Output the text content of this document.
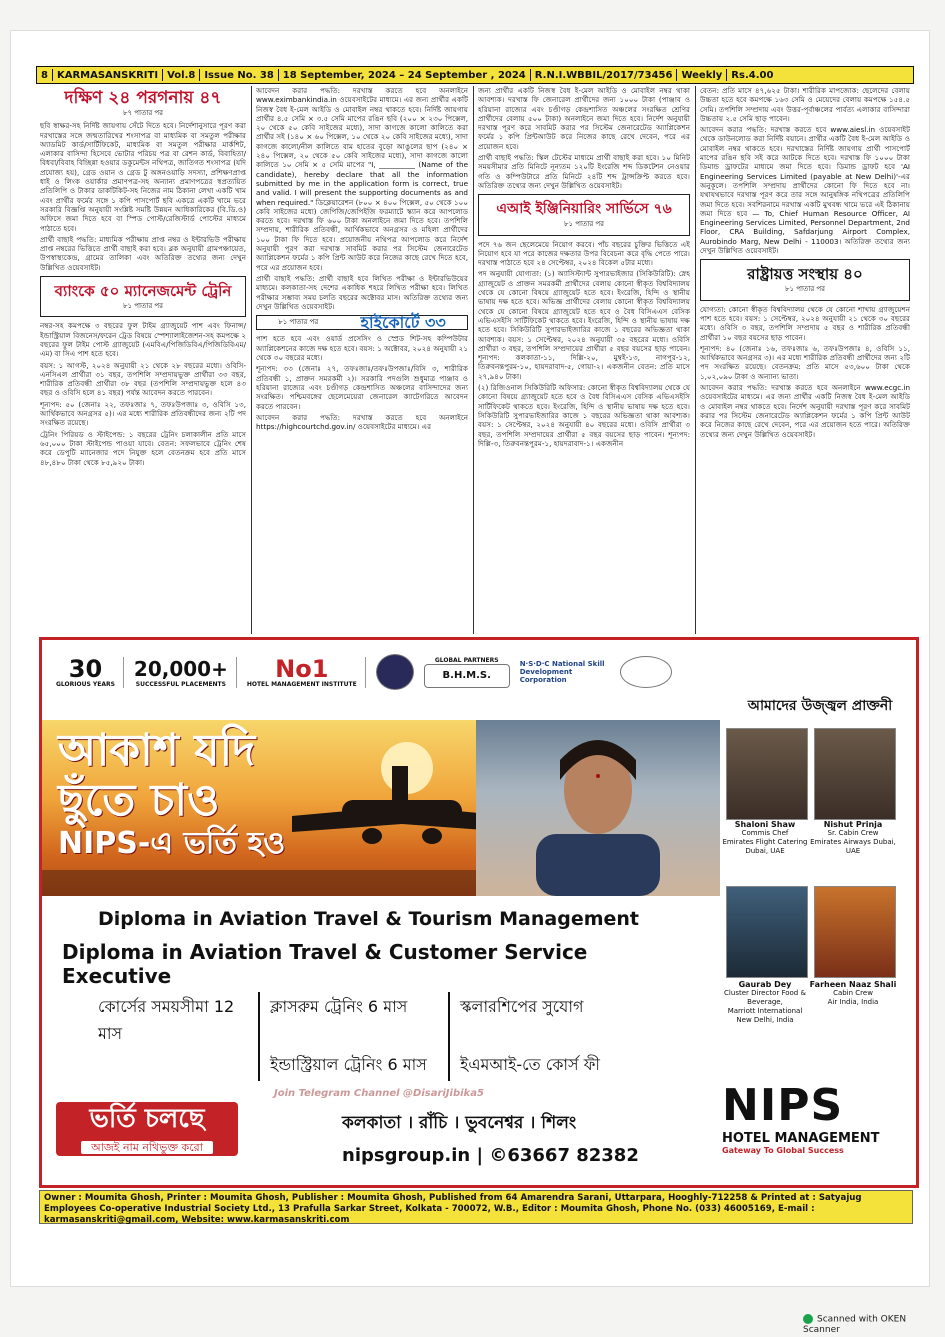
8 KARMASANSKRITI Vol.8 Issue No. 38 18 September, 2024 – 24 September , 2024 R.N.I.WBBIL/2017/73456 Weekly Rs.4.00
দক্ষিণ ২৪ পরগনায় ৪৭
৮৭ পাতার পর

ছবি স্বাক্ষর-সহ নির্দিষ্ট জায়গায় সেঁটে দিতে হবে। নির্দেশানুসারে পূরণ করা দরখাস্তের সঙ্গে জন্মতারিখের শংসাপত্র বা মাধ্যমিক বা সমতুল পরীক্ষার অ্যাডমিট কার্ড/সার্টিফিকেট, মাধ্যমিক বা সমতুল পরীক্ষার মার্কশিট, এলাকার বাসিন্দা হিসেবে ভোটার পরিচয় পত্র বা রেশন কার্ড, বিবাহিতা/বিধবা/বিবাহ বিচ্ছিন্না হওয়ার ডকুমেন্টস নথিপত্র, জাতিগত শংসাপত্র (যদি প্রযোজ্য হয়), গ্রেড ওয়ান ও গ্রেড টু অঙ্গনওয়াড়ি সদস্যা, প্রশিক্ষণপ্রাপ্ত ধাই ও লিংক ওয়ার্কার প্রমাণপত্র-সহ অন্যান্য প্রমাণপত্রের স্বপ্রত্যয়িত প্রতিলিপি ও টাকার ডাকটিকিট-সহ নিজের নাম ঠিকানা লেখা একটি খাম এবং প্রার্থীর ফর্মের সঙ্গে ১ কপি পাসপোর্ট ছবি একত্রে একটি খামে ভরে সরকারি বিজ্ঞপ্তি অনুযায়ী সংশ্লিষ্ট সমষ্টি উন্নয়ন আধিকারিকের (বি.ডি.ও) অফিসে জমা দিতে হবে বা স্পিড পোস্ট/রেজিস্টার্ড পোস্টের মাধ্যমে পাঠাতে হবে।

প্রার্থী বাছাই পদ্ধতি: মাধ্যমিক পরীক্ষায় প্রাপ্ত নম্বর ও ইন্টারভিউ পরীক্ষায় প্রাপ্ত নম্বরের ভিত্তিতে প্রার্থী বাছাই করা হবে। ব্লক অনুযায়ী গ্রামপঞ্চায়েত, উপস্বাস্থ্যকেন্দ্র, গ্রামের তালিকা এবং অতিরিক্ত তথ্যের জন্য দেখুন উল্লিখিত ওয়েবসাইট।

ব্যাংকে ৫০ ম্যানেজমেন্ট ট্রেনি
৮১ পাতার পর

নম্বর-সহ কমপক্ষে ৩ বছরের ফুল টাইম গ্র্যাজুয়েট পাশ এবং ফিনান্স/ইন্ডাস্ট্রিয়াল বিজনেস/ফরেন ট্রেড বিষয়ে স্পেশ্যালাইজেশন-সহ কমপক্ষে ২ বছরের ফুল টাইম পোস্ট গ্র্যাজুয়েট (এমবিএ/পিজিডিবিএ/পিজিডিবিএম/এম) বা সিএ পাশ হতে হবে।

বয়স: ১ আগস্ট, ২০২৪ অনুযায়ী ২১ থেকে ২৮ বছরের মধ্যে। ওবিসি-এনসিএল প্রার্থীরা ৩১ বছর, তপশিলি সম্প্রদায়ভুক্ত প্রার্থীরা ৩৩ বছর, শারীরিক প্রতিবন্ধী প্রার্থীরা ৩৮ বছর (তপশিলি সম্প্রদায়ভুক্ত হলে ৪৩ বছর ও ওবিসি হলে ৪১ বছর) পর্যন্ত আবেদন করতে পারবেন।

শূন্যপদ: ৫০ (জেনাঃ ২২, তফঃজাঃ ৭, তফঃউপজাঃ ৩, ওবিসি ১৩, আর্থিকভাবে অনগ্রসর ৫)। এর মধ্যে শারীরিক প্রতিবন্ধীদের জন্য ২টি পদ সংরক্ষিত রয়েছে।

ট্রেনিং পিরিয়ড ও স্টাইপেন্ড: ১ বছরের ট্রেনিং চলাকালীন প্রতি মাসে ৬৫,০০০ টাকা স্টাইপেন্ড পাওয়া যাবে। বেতন: সফলভাবে ট্রেনিং শেষ করে ডেপুটি ম্যানেজার পদে নিযুক্ত হলে বেতনক্রম হবে প্রতি মাসে ৪৮,৪৮০ টাকা থেকে ৮৫,৯২০ টাকা।

আবেদন করার পদ্ধতি: দরখাস্ত করতে হবে অনলাইনে www.eximbankindia.in ওয়েবসাইটের মাধ্যমে। এর জন্য প্রার্থীর একটি নিজস্ব বৈধ ই-মেল আইডি ও মোবাইল নম্বর থাকতে হবে। নির্দিষ্ট জায়গায় প্রার্থীর ৪.৫ সেমি × ৩.৫ সেমি মাপের রঙিন ছবি (২০০ × ২৩০ পিক্সেল, ২০ থেকে ৫০ কেবি সাইজের মধ্যে), সাদা কাগজে কালো কালিতে করা প্রার্থীর সই (১৪০ × ৬০ পিক্সেল, ১০ থেকে ২০ কেবি সাইজের মধ্যে), সাদা কাগজে কালো/নীল কালিতে বাম হাতের বুড়ো আঙুলের ছাপ (২৪০ × ২৪০ পিক্সেল, ২০ থেকে ৫০ কেবি সাইজের মধ্যে), সাদা কাগজে কালো কালিতে ১০ সেমি × ৫ সেমি মাপের "I, __________ (Name of the candidate), hereby declare that all the information submitted by me in the application form is correct, true and valid. I will present the supporting documents as and when required." ডিক্লেয়ারেশন (৮০০ × ৪০০ পিক্সেল, ৫০ থেকে ১০০ কেবি সাইজের মধ্যে) জেপিজি/জেপিইজি ফরম্যাটে স্ক্যান করে আপলোড করতে হবে। দরখাস্ত ফি ৬০০ টাকা অনলাইনে জমা দিতে হবে। তপশিলি সম্প্রদায়, শারীরিক প্রতিবন্ধী, আর্থিকভাবে অনগ্রসর ও মহিলা প্রার্থীদের ১০০ টাকা ফি দিতে হবে। প্রয়োজনীয় নথিপত্র আপলোড করে নির্দেশ অনুযায়ী পূরণ করা দরখাস্ত সাবমিট করার পর সিস্টেম জেনারেটেড অ্যাপ্লিকেশন ফর্মের ১ কপি প্রিন্ট আউট করে নিজের কাছে রেখে দিতে হবে, পরে এর প্রয়োজন হবে।

প্রার্থী বাছাই পদ্ধতি: প্রার্থী বাছাই হবে লিখিত পরীক্ষা ও ইন্টারভিউয়ের মাধ্যমে। কলকাতা-সহ দেশের একাধিক শহরে লিখিত পরীক্ষা হবে। লিখিত পরীক্ষার সম্ভাব্য সময় চলতি বছরের অক্টোবর মাস। অতিরিক্ত তথ্যের জন্য দেখুন উল্লিখিত ওয়েবসাইট।

৮১ পাতার পর	হাইকোর্টে ৩৩

পাশ হতে হবে এবং ওয়ার্ড প্রসেসিং ও স্প্রেড শিট-সহ কম্পিউটার অ্যাপ্লিকেশনের কাজে দক্ষ হতে হবে। বয়স: ১ অক্টোবর, ২০২৪ অনুযায়ী ২১ থেকে ৩০ বছরের মধ্যে।

শূন্যপদ: ৩৩ (জেনাঃ ২৭, তফঃজাঃ/তফঃউপজাঃ/বিসি ৩, শারীরিক প্রতিবন্ধী ১, প্রাক্তন সমরকর্মী ২)। সরকারি পদগুলি শুধুমাত্র পাঞ্জাব ও হরিয়ানা রাজ্যের এবং চণ্ডীগড় কেন্দ্রশাসিত অঞ্চলের বাসিন্দাদের জন্য সংরক্ষিত। পশ্চিমবঙ্গের ছেলেমেয়েরা জেনারেল ক্যাটেগরিতে আবেদন করতে পারবেন।

আবেদন করার পদ্ধতি: দরখাস্ত করতে হবে অনলাইনে https://highcourtchd.gov.in/ ওয়েবসাইটের মাধ্যমে। এর

জন্য প্রার্থীর একটি নিজস্ব বৈধ ই-মেল আইডি ও মোবাইল নম্বর থাকা আবশ্যক। দরখাস্ত ফি জেনারেল প্রার্থীদের জন্য ১০০০ টাকা (পাঞ্জাব ও হরিয়ানা রাজ্যের এবং চণ্ডীগড় কেন্দ্রশাসিত অঞ্চলের সংরক্ষিত শ্রেণির প্রার্থীদের বেলায় ৫০০ টাকা) অনলাইনে জমা দিতে হবে। নির্দেশ অনুযায়ী দরখাস্ত পূরণ করে সাবমিট করার পর সিস্টেম জেনারেটেড অ্যাপ্লিকেশন ফর্মের ১ কপি প্রিন্টআউট করে নিজের কাছে রেখে দেবেন, পরে এর প্রয়োজন হবে।

প্রার্থী বাছাই পদ্ধতি: স্কিল টেস্টের মাধ্যমে প্রার্থী বাছাই করা হবে। ১০ মিনিট সময়সীমার প্রতি মিনিটে নূন্যতম ১২০টি ইংরেজি শব্দ ডিকটেশন নেওয়ার গতি ও কম্পিউটারে প্রতি মিনিটে ২৪টি শব্দ ট্রান্সক্রিপ্ট করতে হবে। অতিরিক্ত তথ্যের জন্য দেখুন উল্লিখিত ওয়েবসাইট।

এআই ইঞ্জিনিয়ারিং সার্ভিসে ৭৬
৮১ পাতার পর

পদে ৭৬ জন ছেলেমেয়ে নিয়োগ করবে। পাঁচ বছরের চুক্তির ভিত্তিতে এই নিয়োগ হবে যা পরে কাজের দক্ষতার উপর বিবেচনা করে বৃদ্ধি পেতে পারে। দরখাস্ত পাঠাতে হবে ২৪ সেপ্টেম্বর, ২০২৪ বিকেল ৫টার মধ্যে।

পদ অনুযায়ী যোগ্যতা: (১) অ্যাসিস্ট্যান্ট সুপারভাইজার (সিকিউরিটি): স্নেহ গ্র্যাজুয়েট ও প্রাক্তন সমরকর্মী প্রার্থীদের বেলায় কোনো স্বীকৃত বিশ্ববিদ্যালয় থেকে যে কোনো বিষয়ে গ্র্যাজুয়েট হতে হবে। ইংরেজি, হিন্দি ও স্থানীয় ভাষায় দক্ষ হতে হবে। অভিজ্ঞ প্রার্থীদের বেলায় কোনো স্বীকৃত বিশ্ববিদ্যালয় থেকে যে কোনো বিষয়ে গ্র্যাজুয়েট হতে হবে ও বৈধ বিসিএএস বেসিক এভিএসইসি সার্টিফিকেট থাকতে হবে। ইংরেজি, হিন্দি ও স্থানীয় ভাষায় দক্ষ হতে হবে। সিকিউরিটি সুপারভাইজারির কাজে ১ বছরের অভিজ্ঞতা থাকা আবশ্যক। বয়স: ১ সেপ্টেম্বর, ২০২৪ অনুযায়ী ৩৫ বছরের মধ্যে। ওবিসি প্রার্থীরা ৩ বছর, তপশিলি সম্প্রদায়ের প্রার্থীরা ৫ বছর বয়সের ছাড় পাবেন। শূন্যপদ: কলকাতা-১১, দিল্লি-২০, মুম্বই-১৩, নাগপুর-১২, তিরুবনন্তপুরম-১০, হায়দরাবাদ-৫, গোয়া-২। একজনীন বেতন: প্রতি মাসে ২৭,৯৪০ টাকা।

(২) রিজিওনাল সিকিউরিটি অফিসার: কোনো স্বীকৃত বিশ্ববিদ্যালয় থেকে যে কোনো বিষয়ে গ্র্যাজুয়েট হতে হবে ও বৈধ বিসিএএস বেসিক এভিএসইসি সার্টিফিকেট থাকতে হবে। ইংরেজি, হিন্দি ও স্থানীয় ভাষায় দক্ষ হতে হবে। সিকিউরিটি সুপারভাইজারির কাজে ১ বছরের অভিজ্ঞতা থাকা আবশ্যক। বয়স: ১ সেপ্টেম্বর, ২০২৪ অনুযায়ী ৪০ বছরের মধ্যে। ওবিসি প্রার্থীরা ৩ বছর, তপশিলি সম্প্রদায়ের প্রার্থীরা ৫ বছর বয়সের ছাড় পাবেন। শূন্যপদ: দিল্লি-৩, তিরুবনন্তপুরম-১, হায়দরাবাদ-১। একজনীন

বেতন: প্রতি মাসে ৪৭,৬২৫ টাকা। শারীরিক মাপজোক: ছেলেদের বেলায় উচ্চতা হতে হবে কমপক্ষে ১৬৩ সেমি ও মেয়েদের বেলায় কমপক্ষে ১৫৪.৫ সেমি। তপশিলি সম্প্রদায় এবং উত্তর-পূর্বাঞ্চলের পার্বত্য এলাকার বাসিন্দারা উচ্চতায় ২.৫ সেমি ছাড় পাবেন।

আবেদন করার পদ্ধতি: দরখাস্ত করতে হবে www.aiesl.in ওয়েবসাইট থেকে ডাউনলোড করা নির্দিষ্ট বয়ানে। প্রার্থীর একটি বৈধ ই-মেল আইডি ও মোবাইল নম্বর থাকতে হবে। দরখাস্তের নির্দিষ্ট জায়গায় প্রার্থী পাসপোর্ট মাপের রঙিন ছবি সই করে আটকে দিতে হবে। দরখাস্ত ফি ১০০০ টাকা ডিমান্ড ড্রাফটের মাধ্যমে জমা দিতে হবে। ডিমান্ড ড্রাফট হবে 'AI Engineering Services Limited (payable at New Delhi)'-এর অনুকূলে। তপশিলি সম্প্রদায় প্রার্থীদের কোনো ফি দিতে হবে না। যথাযথভাবে দরখাস্ত পূরণ করে তার সঙ্গে আনুষঙ্গিক নথিপত্রের প্রতিলিপি জমা দিতে হবে। সবশিরনামে দরখাস্ত একটি মুখবন্ধ খামে ভরে এই ঠিকানায় জমা দিতে হবে — To, Chief Human Resource Officer, AI Engineering Services Limited, Personnel Department, 2nd Floor, CRA Building, Safdarjung Airport Complex, Aurobindo Marg, New Delhi - 110003। অতিরিক্ত তথ্যের জন্য দেখুন উল্লিখিত ওয়েবসাইট।

রাষ্ট্রায়ত্ত সংস্থায় ৪০
৮১ পাতার পর

যোগ্যতা: কোনো স্বীকৃত বিশ্ববিদ্যালয় থেকে যে কোনো শাখায় গ্র্যাজুয়েশন পাশ হতে হবে। বয়স: ১ সেপ্টেম্বর, ২০২৪ অনুযায়ী ২১ থেকে ৩০ বছরের মধ্যে। ওবিসি ৩ বছর, তপশিলি সম্প্রদায় ৫ বছর ও শারীরিক প্রতিবন্ধী প্রার্থীরা ১০ বছর বয়সের ছাড় পাবেন।

শূন্যপদ: ৪০ (জেনাঃ ১৬, তফঃজাঃ ৬, তফঃউপজাঃ ৪, ওবিসি ১১, আর্থিকভাবে অনগ্রসর ৩)। এর মধ্যে শারীরিক প্রতিবন্ধী প্রার্থীদের জন্য ২টি পদ সংরক্ষিত রয়েছে। বেতনক্রম: প্রতি মাসে ৫৩,৬০০ টাকা থেকে ১,০২,০৯০ টাকা ও অন্যান্য ভাতা।

আবেদন করার পদ্ধতি: দরখাস্ত করতে হবে অনলাইনে www.ecgc.in ওয়েবসাইটের মাধ্যমে। এর জন্য প্রার্থীর একটি নিজস্ব বৈধ ই-মেল আইডি ও মোবাইল নম্বর থাকতে হবে। নির্দেশ অনুযায়ী দরখাস্ত পূরণ করে সাবমিট করার পর সিস্টেম জেনারেটেড অ্যাপ্লিকেশন ফর্মের ১ কপি প্রিন্ট আউট করে নিজের কাছে রেখে দেবেন, পরে এর প্রয়োজন হতে পারে। অতিরিক্ত তথ্যের জন্য দেখুন উল্লিখিত ওয়েবসাইট।

30
GLORIOUS YEARS
20,000+
SUCCESSFUL PLACEMENTS
No1
HOTEL MANAGEMENT INSTITUTE
GLOBAL PARTNERS
B.H.M.S.
N·S·D·C National Skill Development Corporation
আমাদের উজ্জ্বল প্রাক্তনী
আকাশ যদি
ছুঁতে চাও
NIPS-এ ভর্তি হও
Diploma in Aviation Travel & Tourism Management
Diploma in Aviation Travel & Customer Service Executive
কোর্সের সময়সীমা 12 মাস
ক্লাসরুম ট্রেনিং 6 মাস	স্কলারশিপের সুযোগ
ইন্ডাস্ট্রিয়াল ট্রেনিং 6 মাস	ইএমআই-তে কোর্স ফী
Join Telegram Channel @DisariJibika5
ভর্তি চলছে
আজই নাম নথিভুক্ত করো
কলকাতা । রাঁচি । ভুবনেশ্বর । শিলং
nipsgroup.in | ©63667 82382
NIPS
HOTEL MANAGEMENT
Gateway To Global Success
Shaloni Shaw
Commis Chef
Emirates Flight Catering Dubai, UAE
Nishut Prinja
Sr. Cabin Crew
Emirates Airways Dubai, UAE
Gaurab Dey
Cluster Director Food & Beverage,
Marriott International New Delhi, India
Farheen Naaz Shali
Cabin Crew
Air India, India
Owner : Moumita Ghosh, Printer : Moumita Ghosh, Publisher : Moumita Ghosh, Published from 64 Amarendra Sarani, Uttarpara, Hooghly-712258 & Printed at : Satyajug Employees Co-operative Industrial Society Ltd., 13 Prafulla Sarkar Street, Kolkata - 700072, W.B., Editor : Moumita Ghosh, Phone No. (033) 46005169, E-mail : karmasanskriti@gmail.com, Website: www.karmasanskriti.com
Scanned with OKEN Scanner
